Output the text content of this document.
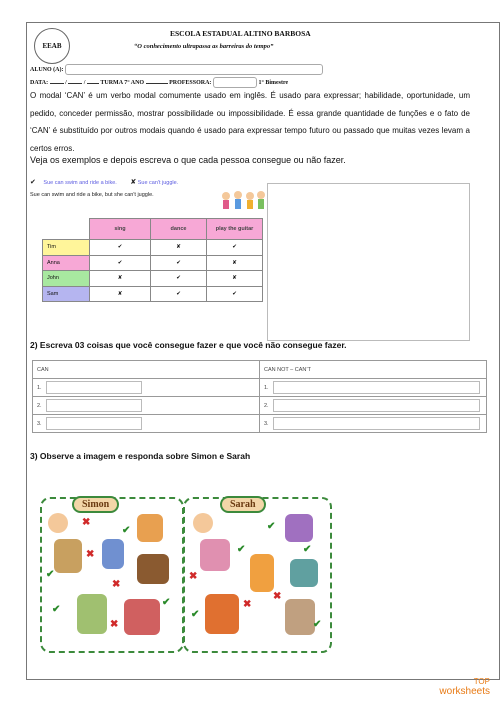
EEAB
ESCOLA ESTADUAL ALTINO BARBOSA
“O conhecimento ultrapassa as barreiras do tempo”
ALUNO (A):
DATA:	/	/ TURMA 7° ANO	PROFESSORA:	1° Bimestre
O modal ‘CAN’ é um verbo modal comumente usado em inglês. É usado para expressar; habilidade, oportunidade, um pedido, conceder permissão, mostrar possibilidade ou impossibilidade. É essa grande quantidade de funções e o fato de ‘CAN’ é substituído por outros modais quando é usado para expressar tempo futuro ou passado que muitas vezes levam a certos erros.
Veja os exemplos e depois escreva o que cada pessoa consegue ou não fazer.
✔ Sue can swim and ride a bike. ✘ Sue can't juggle.
Sue can swim and ride a bike, but she can't juggle.
	sing	dance	play the guitar
Tim	✔	✘	✔
Anna	✔	✔	✘
John	✘	✔	✘
Sam	✘	✔	✔
2) Escreva 03 coisas que você consegue fazer e que você não consegue fazer.
CAN	CAN NOT – CAN’T
1.	1.
2.	2.
3.	3.
3) Observe a imagem e responda sobre Simon e Sarah
Simon
✖
✔
✖
✔
✖
✔
✔
✖
Sarah
✔
✔
✖
✔
✖
✖
✔
✔
TOP
worksheets
